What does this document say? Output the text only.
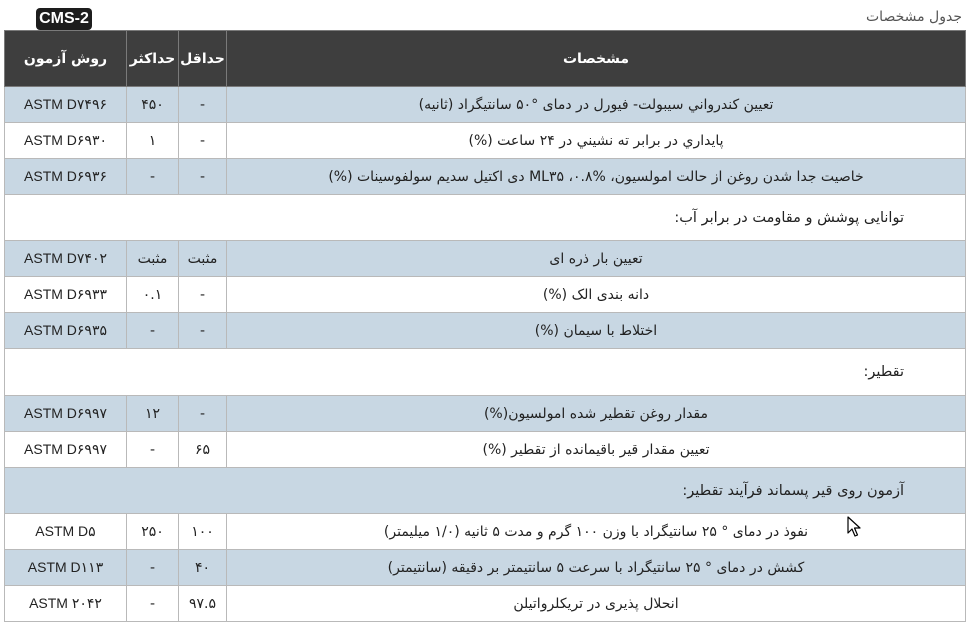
CMS-2	جدول مشخصات
مشخصات	حداقل	حداکثر	روش آزمون
تعيين کندرواني سيبولت- فيورل در دمای °۵۰ سانتيگراد (ثانيه)	-	۴۵۰	ASTM D۷۴۹۶
پايداري در برابر ته نشيني در ۲۴ ساعت (%)	-	۱	ASTM D۶۹۳۰
خاصیت جدا شدن روغن از حالت امولسیون، %۰.۸، ML۳۵ دی اکتیل سدیم سولفوسینات (%)	-	-	ASTM D۶۹۳۶
توانایی پوشش و مقاومت در برابر آب:			
تعیین بار ذره ای	مثبت	مثبت	ASTM D۷۴۰۲
دانه بندی الک (%)	-	۰.۱	ASTM D۶۹۳۳
اختلاط با سیمان (%)	-	-	ASTM D۶۹۳۵
تقطیر:			
مقدار روغن تقطیر شده امولسیون(%)	-	۱۲	ASTM D۶۹۹۷
تعیین مقدار قیر باقیمانده از تقطیر (%)	۶۵	-	ASTM D۶۹۹۷
آزمون روی قیر پسماند فرآیند تقطیر:			
نفوذ در دمای ° ۲۵ سانتیگراد با وزن ۱۰۰ گرم و مدت ۵ ثانیه (۱/۰ میلیمتر)	۱۰۰	۲۵۰	ASTM D۵
کشش در دمای ° ۲۵ سانتیگراد با سرعت ۵ سانتیمتر بر دقیقه (سانتیمتر)	۴۰	-	ASTM D۱۱۳
انحلال پذیری در تریکلرواتیلن	۹۷.۵	-	ASTM ۲۰۴۲
